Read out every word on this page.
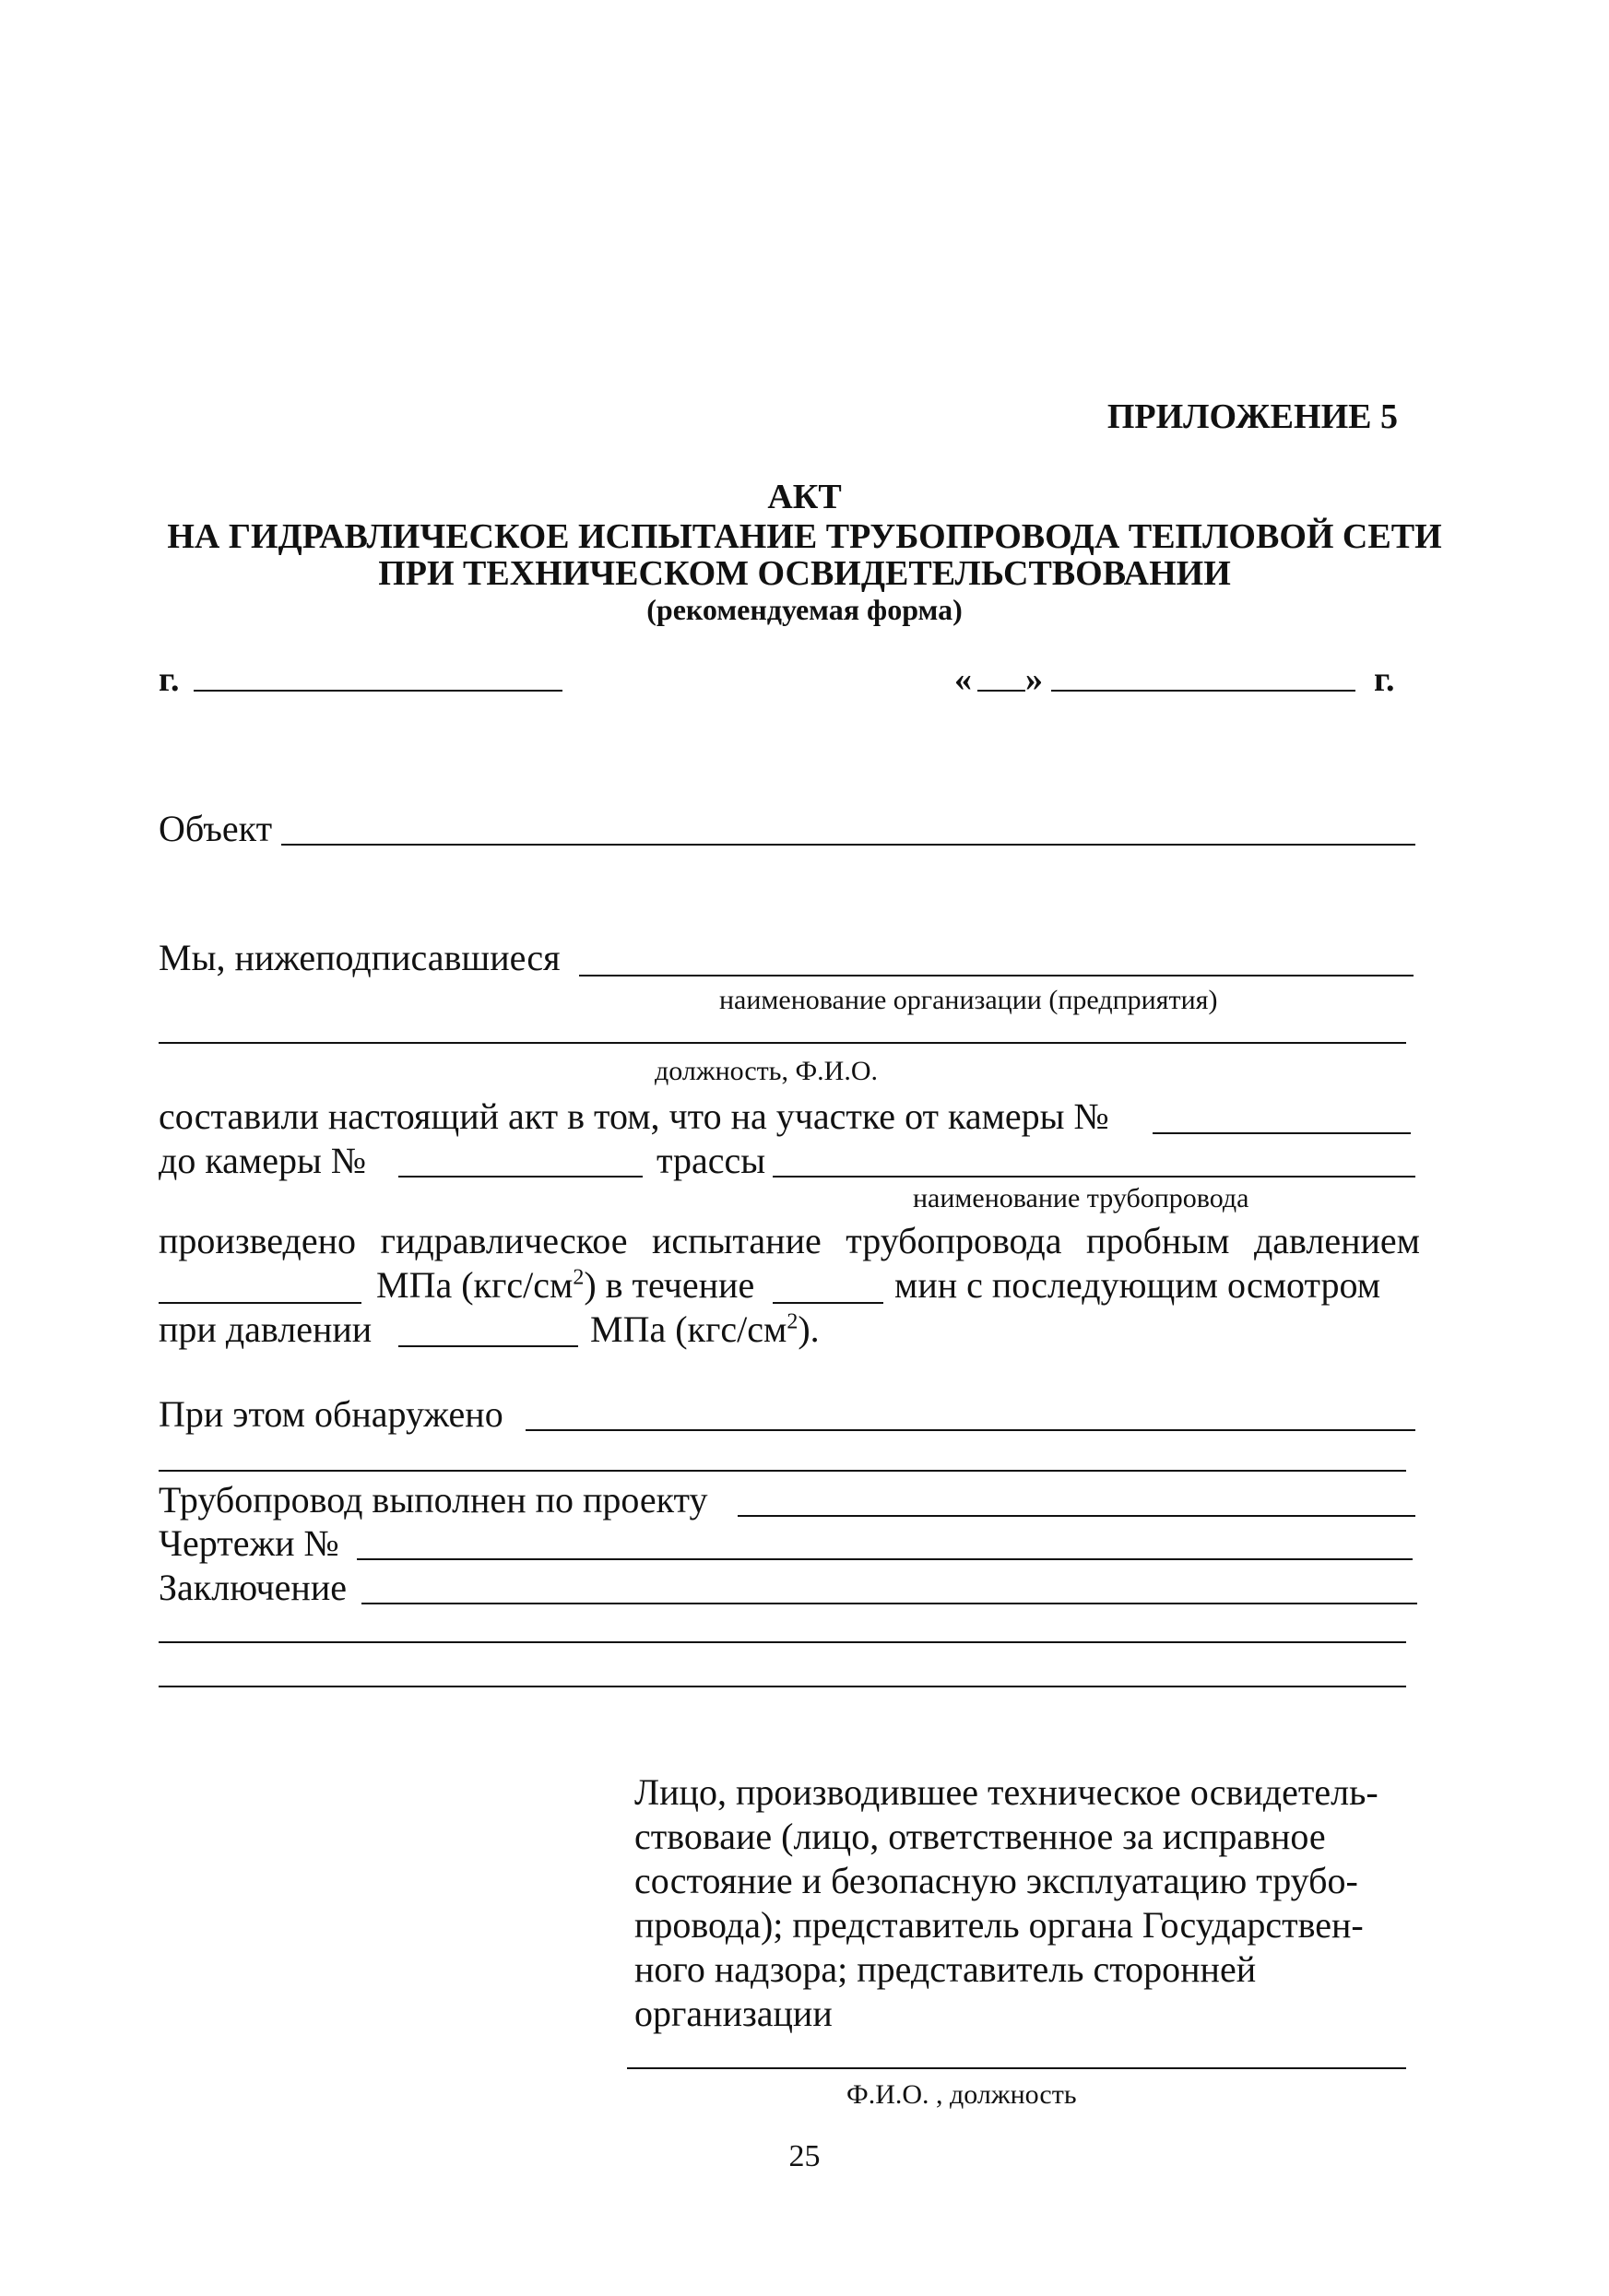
ПРИЛОЖЕНИЕ 5
АКТ
НА ГИДРАВЛИЧЕСКОЕ ИСПЫТАНИЕ ТРУБОПРОВОДА ТЕПЛОВОЙ СЕТИ
ПРИ ТЕХНИЧЕСКОМ ОСВИДЕТЕЛЬСТВОВАНИИ
(рекомендуемая форма)
г.	« »	г.
Объект
Мы, нижеподписавшиеся
наименование организации (предприятия)
должность, Ф.И.О.
составили настоящий акт в том, что на участке от камеры №
до камеры №	трассы
наименование трубопровода
произведено гидравлическое испытание трубопровода пробным давлением
МПа $(кгс/см^2)$ в течение	мин с последующим осмотром
при давлении	МПа $(кгс/см^2)$.
При этом обнаружено
Трубопровод выполнен по проекту
Чертежи №
Заключение
Лицо, производившее техническое освидетель-
ствоваие (лицо, ответственное за исправное
состояние и безопасную эксплуатацию трубо-
провода); представитель органа Государствен-
ного надзора; представитель сторонней
организации
Ф.И.О. , должность
25
